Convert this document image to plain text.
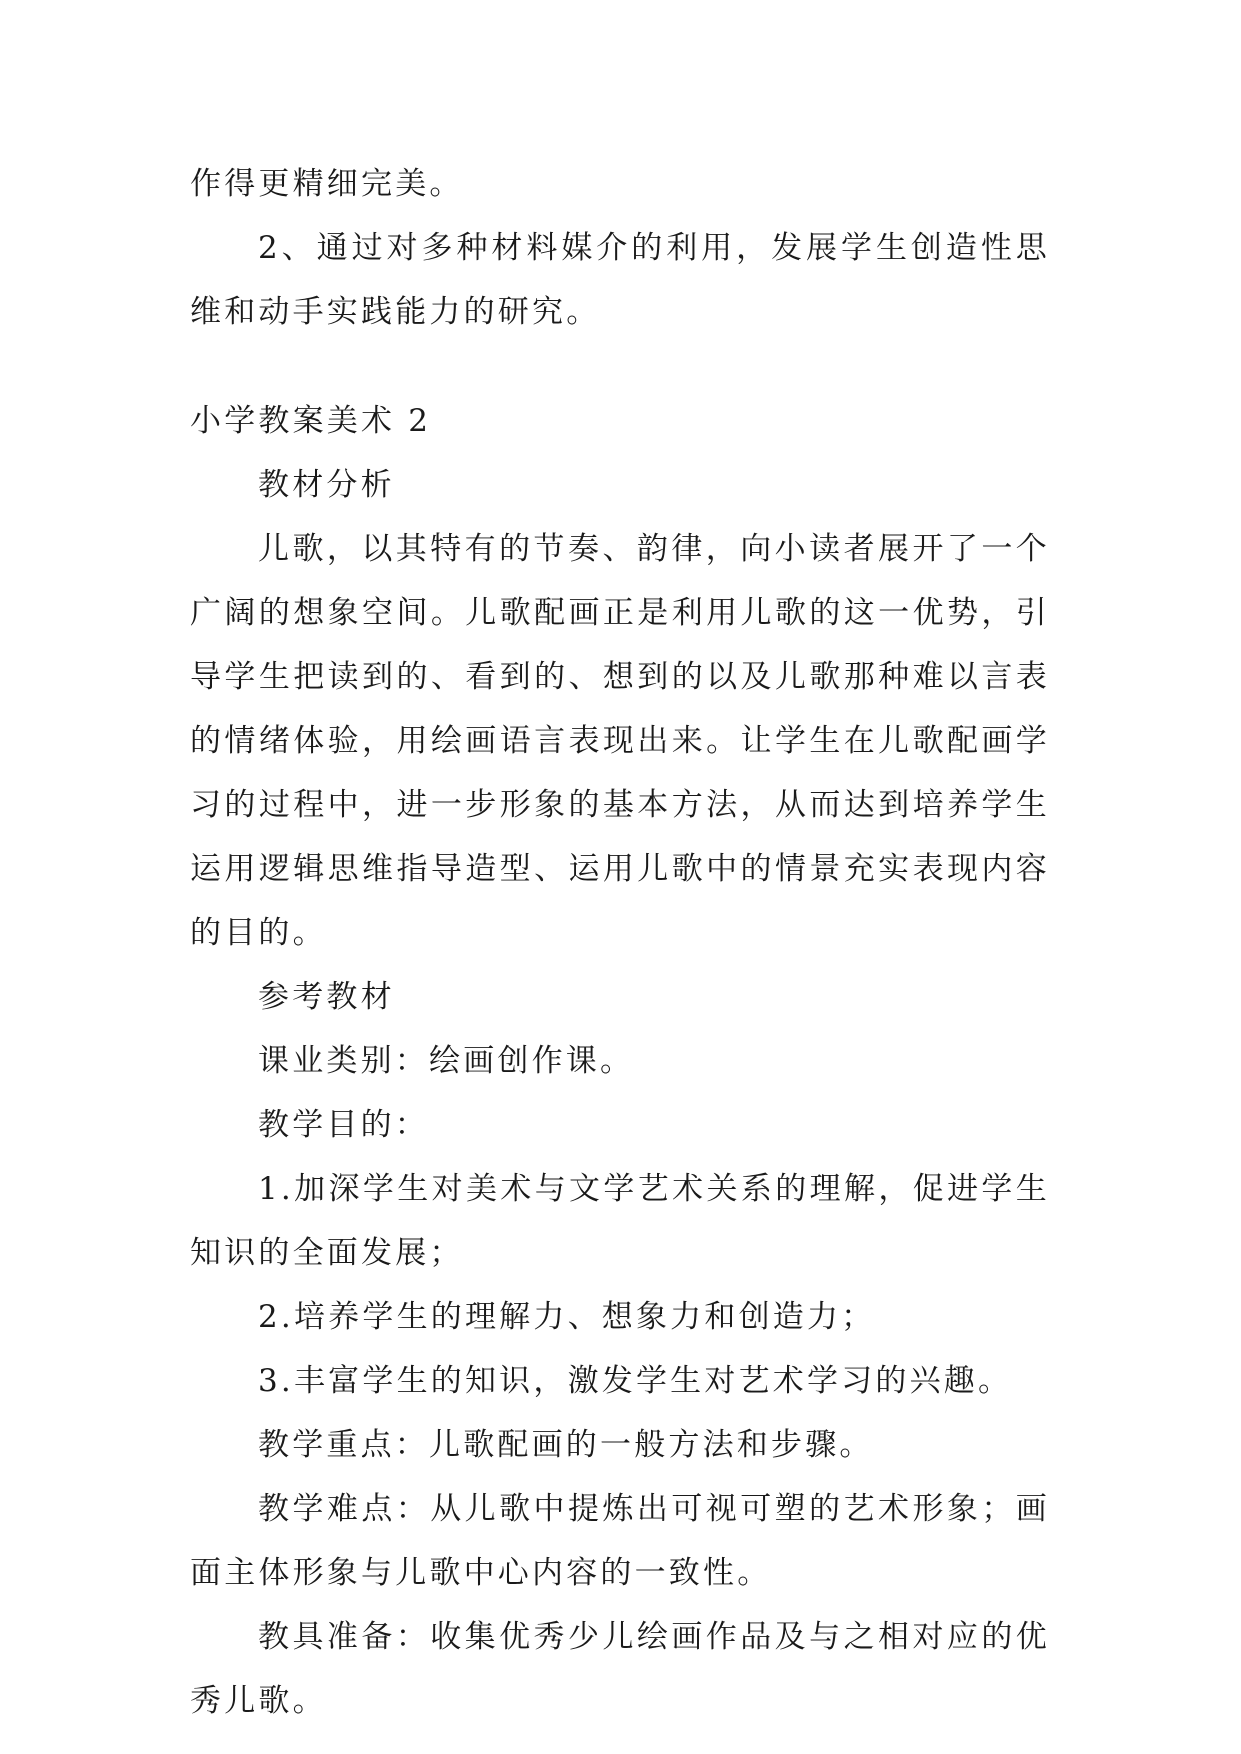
作得更精细完美。

2、通过对多种材料媒介的利用，发展学生创造性思维和动手实践能力的研究。

小学教案美术 2

教材分析

儿歌，以其特有的节奏、韵律，向小读者展开了一个广阔的想象空间。儿歌配画正是利用儿歌的这一优势，引导学生把读到的、看到的、想到的以及儿歌那种难以言表的情绪体验，用绘画语言表现出来。让学生在儿歌配画学习的过程中，进一步形象的基本方法，从而达到培养学生运用逻辑思维指导造型、运用儿歌中的情景充实表现内容的目的。

参考教材

课业类别：绘画创作课。

教学目的：

1.加深学生对美术与文学艺术关系的理解，促进学生知识的全面发展；

2.培养学生的理解力、想象力和创造力；

3.丰富学生的知识，激发学生对艺术学习的兴趣。

教学重点：儿歌配画的一般方法和步骤。

教学难点：从儿歌中提炼出可视可塑的艺术形象；画面主体形象与儿歌中心内容的一致性。

教具准备：收集优秀少儿绘画作品及与之相对应的优秀儿歌。
